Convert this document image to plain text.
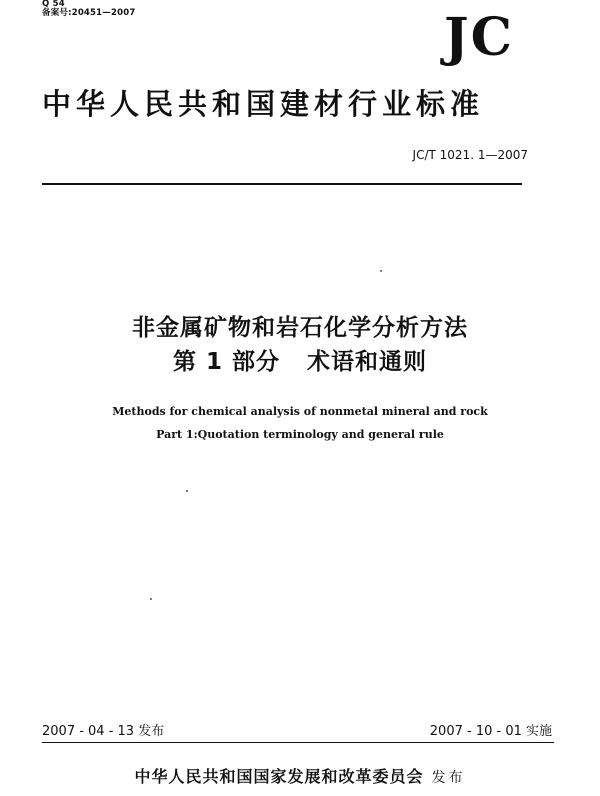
Q 54
备案号:20451—2007	JC
中华人民共和国建材行业标准
JC/T 1021. 1—2007
非金属矿物和岩石化学分析方法
第 1 部分   术语和通则
Methods for chemical analysis of nonmetal mineral and rock
Part 1:Quotation terminology and general rule
2007 - 04 - 13 发布	2007 - 10 - 01 实施
中华人民共和国国家发展和改革委员会 发布
